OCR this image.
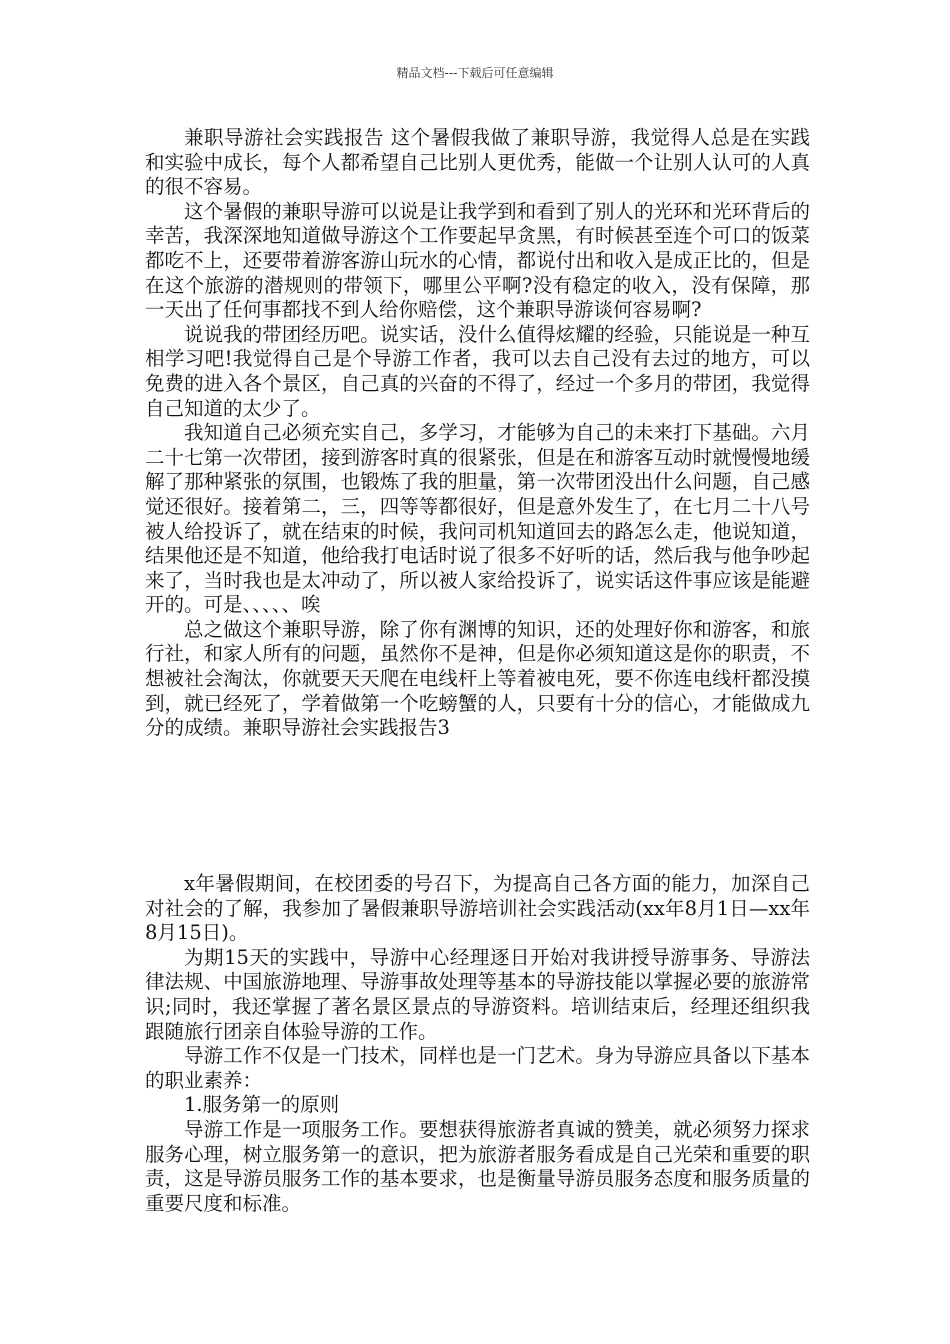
精品文档---下载后可任意编辑

兼职导游社会实践报告 这个暑假我做了兼职导游，我觉得人总是在实践和实验中成长，每个人都希望自己比别人更优秀，能做一个让别人认可的人真的很不容易。

这个暑假的兼职导游可以说是让我学到和看到了别人的光环和光环背后的幸苦，我深深地知道做导游这个工作要起早贪黑，有时候甚至连个可口的饭菜都吃不上，还要带着游客游山玩水的心情，都说付出和收入是成正比的，但是在这个旅游的潜规则的带领下，哪里公平啊?没有稳定的收入，没有保障，那一天出了任何事都找不到人给你赔偿，这个兼职导游谈何容易啊?

说说我的带团经历吧。说实话，没什么值得炫耀的经验，只能说是一种互相学习吧!我觉得自己是个导游工作者，我可以去自己没有去过的地方，可以免费的进入各个景区，自己真的兴奋的不得了，经过一个多月的带团，我觉得自己知道的太少了。

我知道自己必须充实自己，多学习，才能够为自己的未来打下基础。六月二十七第一次带团，接到游客时真的很紧张，但是在和游客互动时就慢慢地缓解了那种紧张的氛围，也锻炼了我的胆量，第一次带团没出什么问题，自己感觉还很好。接着第二，三，四等等都很好，但是意外发生了，在七月二十八号被人给投诉了，就在结束的时候，我问司机知道回去的路怎么走，他说知道，结果他还是不知道，他给我打电话时说了很多不好听的话，然后我与他争吵起来了，当时我也是太冲动了，所以被人家给投诉了，说实话这件事应该是能避开的。可是、、、、、唉

总之做这个兼职导游，除了你有渊博的知识，还的处理好你和游客，和旅行社，和家人所有的问题，虽然你不是神，但是你必须知道这是你的职责，不想被社会淘汰，你就要天天爬在电线杆上等着被电死，要不你连电线杆都没摸到，就已经死了，学着做第一个吃螃蟹的人，只要有十分的信心，才能做成九分的成绩。兼职导游社会实践报告3

x年暑假期间，在校团委的号召下，为提高自己各方面的能力，加深自己对社会的了解，我参加了暑假兼职导游培训社会实践活动(xx年8月1日—xx年8月15日)。

为期15天的实践中，导游中心经理逐日开始对我讲授导游事务、导游法律法规、中国旅游地理、导游事故处理等基本的导游技能以掌握必要的旅游常识;同时，我还掌握了著名景区景点的导游资料。培训结束后，经理还组织我跟随旅行团亲自体验导游的工作。

导游工作不仅是一门技术，同样也是一门艺术。身为导游应具备以下基本的职业素养：

1.服务第一的原则

导游工作是一项服务工作。要想获得旅游者真诚的赞美，就必须努力探求服务心理，树立服务第一的意识，把为旅游者服务看成是自己光荣和重要的职责，这是导游员服务工作的基本要求，也是衡量导游员服务态度和服务质量的重要尺度和标准。
